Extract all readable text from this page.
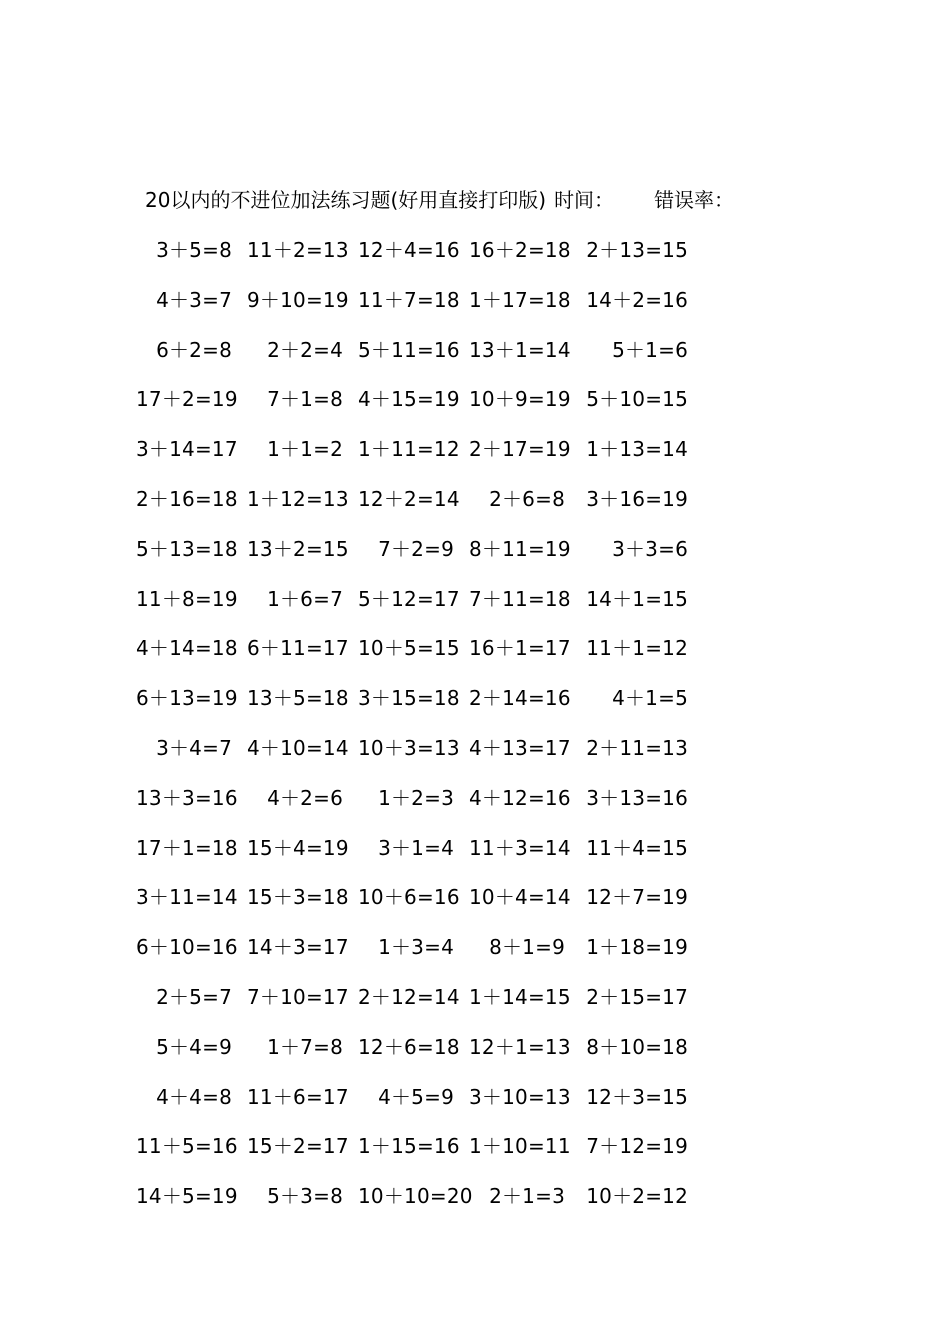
20以内的不进位加法练习题(好用直接打印版) 时间： 错误率：
3＋5=8 11＋2=13 12＋4=16 16＋2=18 2＋13=15
4＋3=7 9＋10=19 11＋7=18 1＋17=18 14＋2=16
6＋2=8	2＋2=4 5＋11=16 13＋1=14	5＋1=6
17＋2=19	7＋1=8 4＋15=19 10＋9=19 5＋10=15
3＋14=17	1＋1=2 1＋11=12 2＋17=19 1＋13=14
2＋16=18 1＋12=13 12＋2=14	2＋6=8	3＋16=19
5＋13=18 13＋2=15	7＋2=9 8＋11=19	3＋3=6
11＋8=19	1＋6=7 5＋12=17 7＋11=18 14＋1=15
4＋14=18 6＋11=17 10＋5=15 16＋1=17 11＋1=12
6＋13=19 13＋5=18 3＋15=18 2＋14=16	4＋1=5
3＋4=7 4＋10=14 10＋3=13 4＋13=17 2＋11=13
13＋3=16	4＋2=6	1＋2=3 4＋12=16 3＋13=16
17＋1=18 15＋4=19	3＋1=4 11＋3=14 11＋4=15
3＋11=14 15＋3=18 10＋6=16 10＋4=14 12＋7=19
6＋10=16 14＋3=17	1＋3=4	8＋1=9	1＋18=19
2＋5=7 7＋10=17 2＋12=14 1＋14=15 2＋15=17
5＋4=9	1＋7=8 12＋6=18 12＋1=13 8＋10=18
4＋4=8 11＋6=17	4＋5=9 3＋10=13 12＋3=15
11＋5=16 15＋2=17 1＋15=16 1＋10=11 7＋12=19
14＋5=19	5＋3=8 10＋10=20 2＋1=3	10＋2=12
